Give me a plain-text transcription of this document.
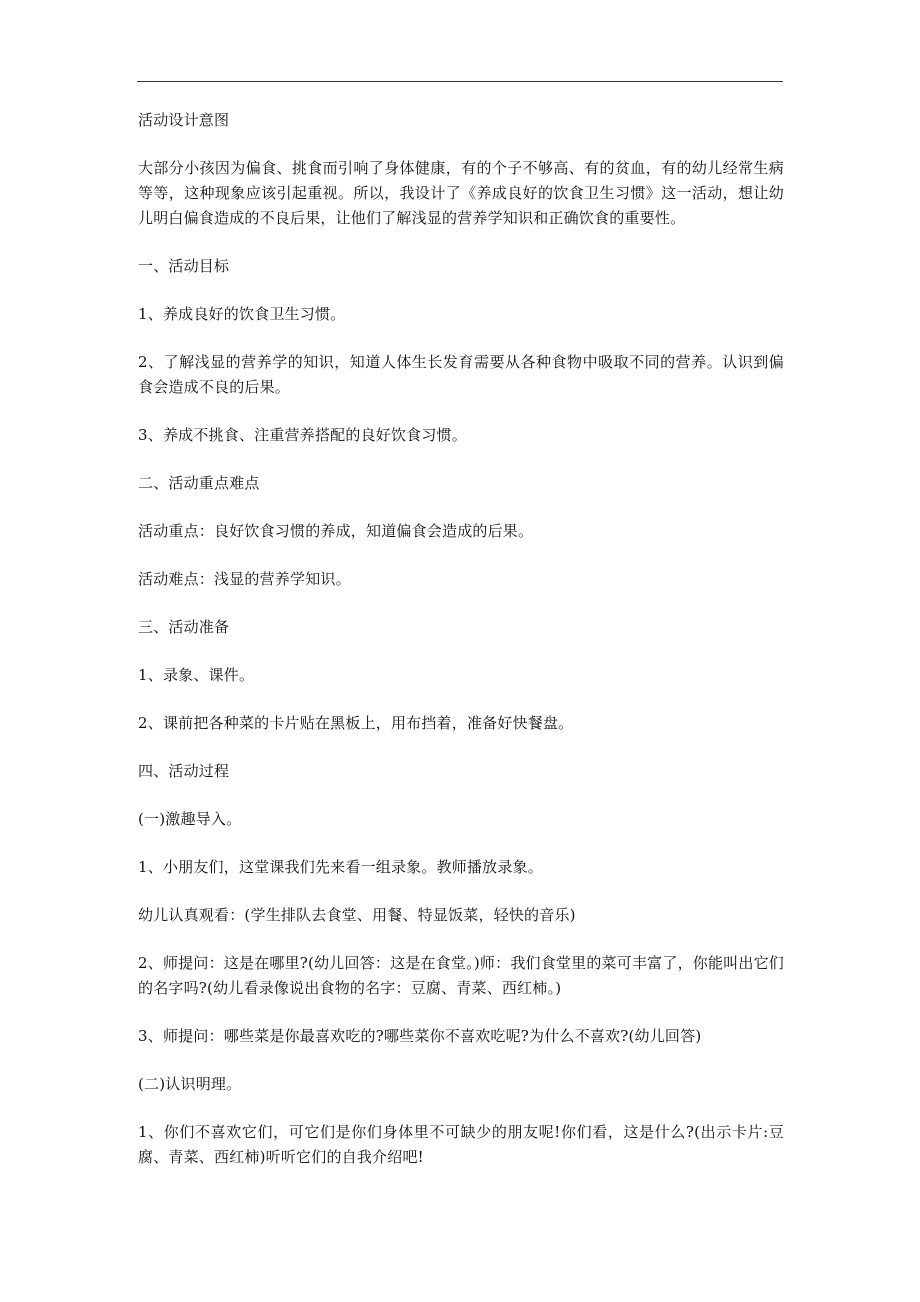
活动设计意图

大部分小孩因为偏食、挑食而引响了身体健康，有的个子不够高、有的贫血，有的幼儿经常生病等等，这种现象应该引起重视。所以，我设计了《养成良好的饮食卫生习惯》这一活动，想让幼儿明白偏食造成的不良后果，让他们了解浅显的营养学知识和正确饮食的重要性。

一、活动目标

1、养成良好的饮食卫生习惯。

2、了解浅显的营养学的知识，知道人体生长发育需要从各种食物中吸取不同的营养。认识到偏食会造成不良的后果。

3、养成不挑食、注重营养搭配的良好饮食习惯。

二、活动重点难点

活动重点：良好饮食习惯的养成，知道偏食会造成的后果。

活动难点：浅显的营养学知识。

三、活动准备

1、录象、课件。

2、课前把各种菜的卡片贴在黑板上，用布挡着，准备好快餐盘。

四、活动过程

(一)激趣导入。

1、小朋友们，这堂课我们先来看一组录象。教师播放录象。

幼儿认真观看：(学生排队去食堂、用餐、特显饭菜，轻快的音乐)

2、师提问：这是在哪里?(幼儿回答：这是在食堂。)师：我们食堂里的菜可丰富了，你能叫出它们的名字吗?(幼儿看录像说出食物的名字：豆腐、青菜、西红柿。)

3、师提问：哪些菜是你最喜欢吃的?哪些菜你不喜欢吃呢?为什么不喜欢?(幼儿回答)

(二)认识明理。

1、你们不喜欢它们，可它们是你们身体里不可缺少的朋友呢!你们看，这是什么?(出示卡片:豆腐、青菜、西红柿)听听它们的自我介绍吧!
